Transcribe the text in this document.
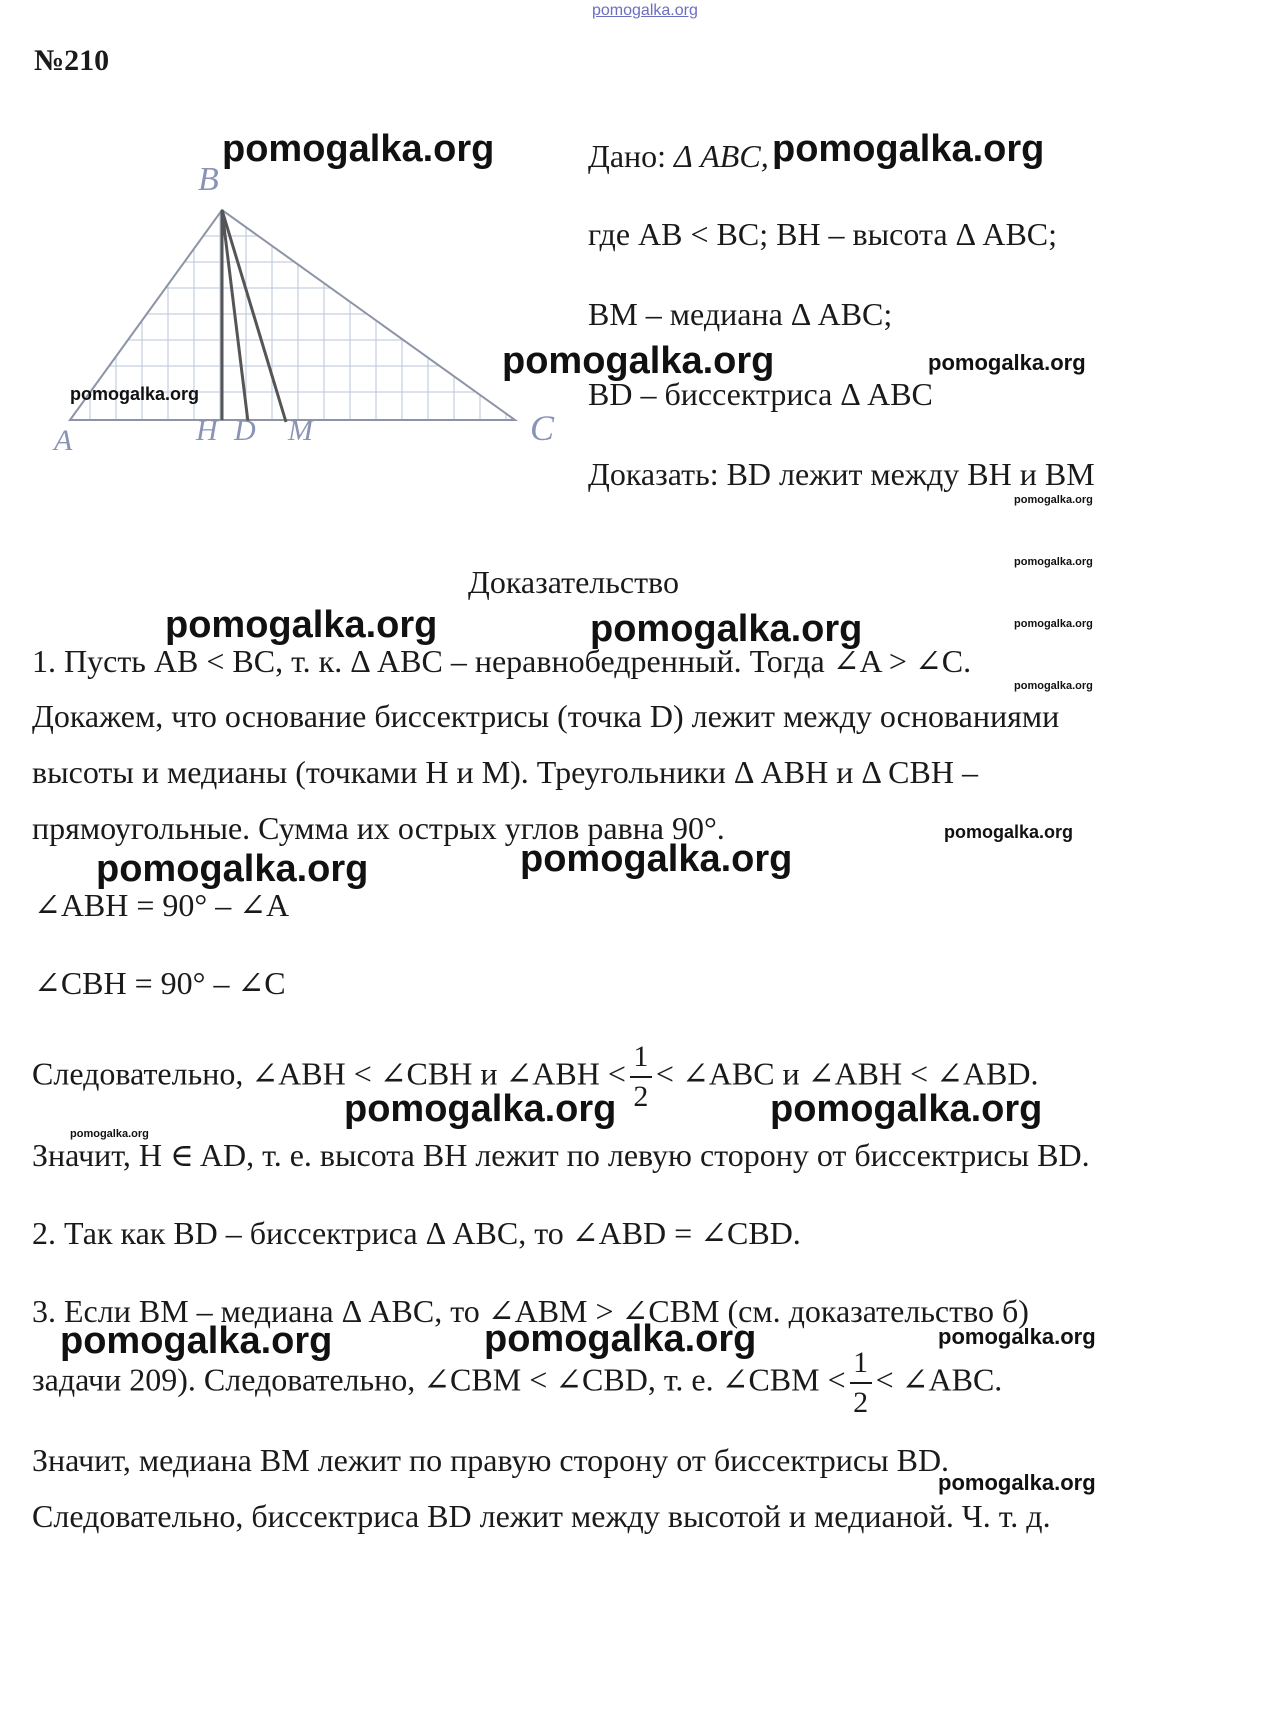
pomogalka.org
№210
B
A	H D M	C
Дано: Δ ABC,
где AB < BC; BH – высота Δ ABC;
BM – медиана Δ ABC;
BD – биссектриса Δ ABC
Доказать: BD лежит между BH и BM
Доказательство
1. Пусть AB < BC, т. к. Δ ABC – неравнобедренный. Тогда ∠A > ∠C.
Докажем, что основание биссектрисы (точка D) лежит между основаниями
высоты и медианы (точками H и M). Треугольники Δ ABH и Δ CBH –
прямоугольные. Сумма их острых углов равна 90°.
∠ABH = 90° – ∠A
∠CBH = 90° – ∠C
Следовательно, ∠ABH < ∠CBH и ∠ABH < $\frac{1}{2}$ < ∠ABC и ∠ABH < ∠ABD.
Значит, H ∈ AD, т. е. высота BH лежит по левую сторону от биссектрисы BD.
2. Так как BD – биссектриса Δ ABC, то ∠ABD = ∠CBD.
3. Если BM – медиана Δ ABC, то ∠ABM > ∠CBM (см. доказательство б)
задачи 209). Следовательно, ∠CBM < ∠CBD, т. е. ∠CBM < $\frac{1}{2}$ < ∠ABC.
Значит, медиана BM лежит по правую сторону от биссектрисы BD.
Следовательно, биссектриса BD лежит между высотой и медианой. Ч. т. д.
pomogalka.org	pomogalka.org
pomogalka.org	pomogalka.org
pomogalka.org
pomogalka.org
pomogalka.org
pomogalka.org
pomogalka.org
pomogalka.org	pomogalka.org
pomogalka.org
pomogalka.org
pomogalka.org
pomogalka.org	pomogalka.org
pomogalka.org
pomogalka.org	pomogalka.org	pomogalka.org
pomogalka.org
